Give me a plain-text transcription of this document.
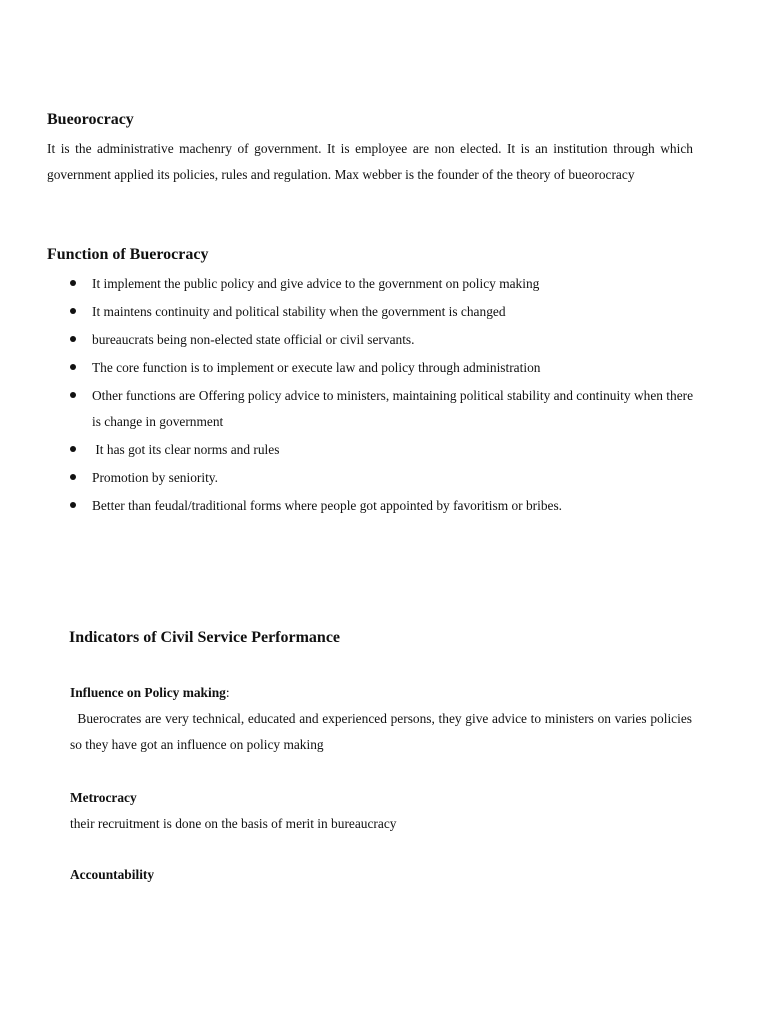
Bueorocracy

It is the administrative machenry of government. It is employee are non elected. It is an institution through which government applied its policies, rules and regulation. Max webber is the founder of the theory of bueorocracy

Function of Buerocracy
It implement the public policy and give advice to the government on policy making
It maintens continuity and political stability when the government is changed
bureaucrats being non-elected state official or civil servants.
The core function is to implement or execute law and policy through administration
Other functions are Offering policy advice to ministers, maintaining political stability and continuity when there is change in government
It has got its clear norms and rules
Promotion by seniority.
Better than feudal/traditional forms where people got appointed by favoritism or bribes.
Indicators of Civil Service Performance
Influence on Policy making:

Buerocrates are very technical, educated and experienced persons, they give advice to ministers on varies policies so they have got an influence on policy making

Metrocracy

their recruitment is done on the basis of merit in bureaucracy

Accountability
